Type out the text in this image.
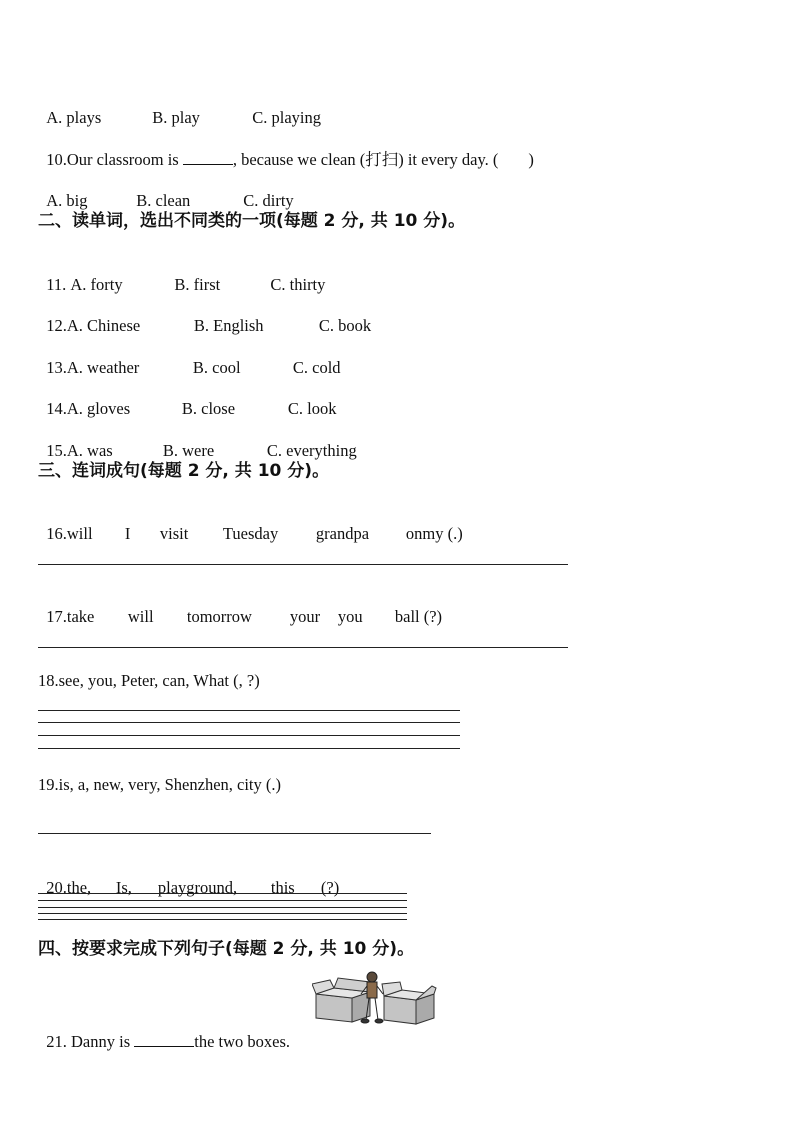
A. plays	B. play	C. playing

10.Our classroom is	, because we clean (打扫) it every day. ( )

A. big	B. clean	C. dirty

二、读单词，选出不同类的一项(每题 2 分, 共 10 分)。

11. A. forty	B. first	C. thirty

12.A. Chinese	B. English	C. book

13.A. weather	B. cool	C. cold

14.A. gloves	B. close	C. look

15.A. was	B. were	C. everything

三、连词成句(每题 2 分, 共 10 分)。

16.will I visit Tuesday grandpa onmy (.)

17.take will tomorrow your you ball (?)

18.see, you, Peter, can, What (, ?)
19.is, a, new, very, Shenzhen, city (.)

20.the, Is, playground, this (?)

四、按要求完成下列句子(每题 2 分, 共 10 分)。

21. Danny is	the two boxes.
